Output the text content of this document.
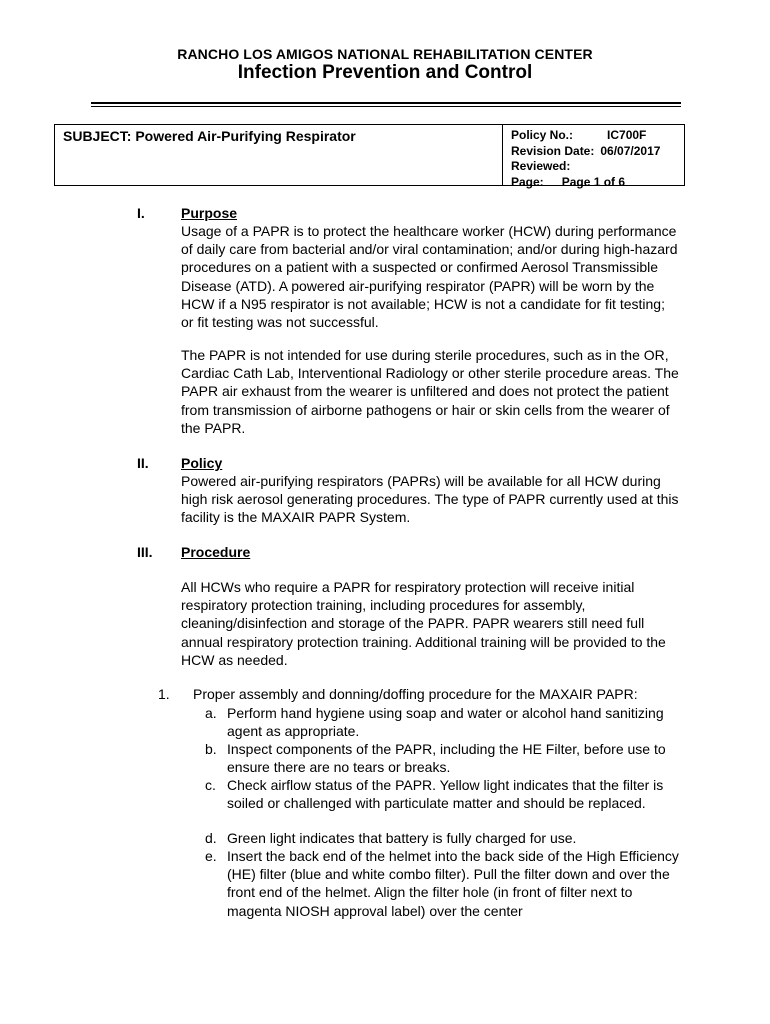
RANCHO LOS AMIGOS NATIONAL REHABILITATION CENTER
Infection Prevention and Control
SUBJECT: Powered Air-Purifying Respirator	Policy No.:	IC700F
Revision Date: 06/07/2017
Reviewed:
Page: Page 1 of 6
I.	Purpose
Usage of a PAPR is to protect the healthcare worker (HCW) during performance of daily care from bacterial and/or viral contamination; and/or during high-hazard procedures on a patient with a suspected or confirmed Aerosol Transmissible Disease (ATD). A powered air-purifying respirator (PAPR) will be worn by the HCW if a N95 respirator is not available; HCW is not a candidate for fit testing; or fit testing was not successful.
The PAPR is not intended for use during sterile procedures, such as in the OR, Cardiac Cath Lab, Interventional Radiology or other sterile procedure areas. The PAPR air exhaust from the wearer is unfiltered and does not protect the patient from transmission of airborne pathogens or hair or skin cells from the wearer of the PAPR.
II. Policy
Powered air-purifying respirators (PAPRs) will be available for all HCW during high risk aerosol generating procedures. The type of PAPR currently used at this facility is the MAXAIR PAPR System.
III. Procedure
All HCWs who require a PAPR for respiratory protection will receive initial respiratory protection training, including procedures for assembly, cleaning/disinfection and storage of the PAPR. PAPR wearers still need full annual respiratory protection training. Additional training will be provided to the HCW as needed.
1. Proper assembly and donning/doffing procedure for the MAXAIR PAPR:
a. Perform hand hygiene using soap and water or alcohol hand sanitizing agent as appropriate.
b. Inspect components of the PAPR, including the HE Filter, before use to ensure there are no tears or breaks.
c. Check airflow status of the PAPR. Yellow light indicates that the filter is soiled or challenged with particulate matter and should be replaced.
d. Green light indicates that battery is fully charged for use.
e. Insert the back end of the helmet into the back side of the High Efficiency (HE) filter (blue and white combo filter). Pull the filter down and over the front end of the helmet. Align the filter hole (in front of filter next to magenta NIOSH approval label) over the center
